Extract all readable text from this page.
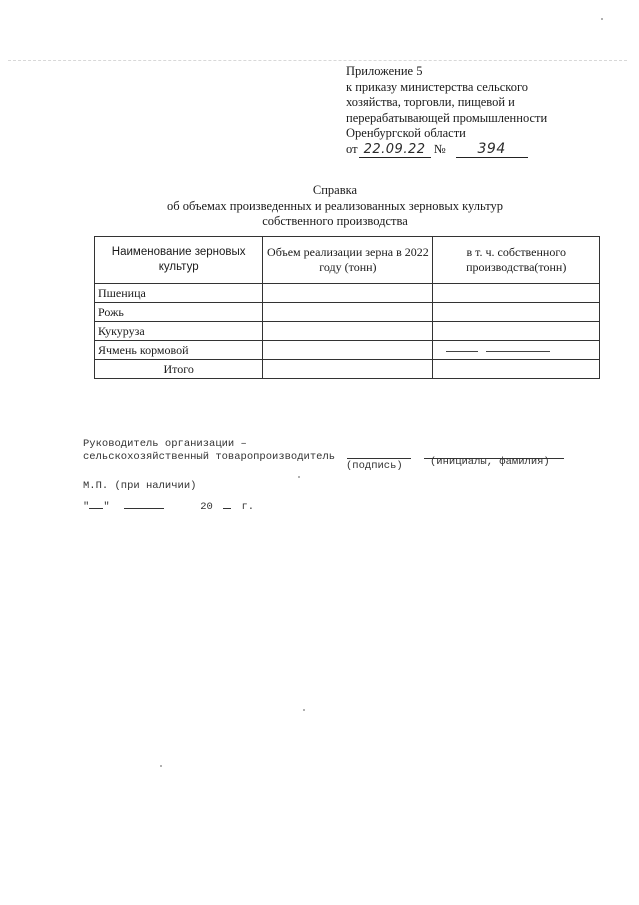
Приложение 5
к приказу министерства сельского
хозяйства, торговли, пищевой и
перерабатывающей промышленности
Оренбургской области
от 22.09.22 № 394
Справка
об объемах произведенных и реализованных зерновых культур
собственного производства
Наименование зерновых культур	Объем реализации зерна в 2022 году (тонн)	в т. ч. собственного производства(тонн)
Пшеница		
Рожь		
Кукуруза		
Ячмень кормовой		
Итого		
Руководитель организации –
сельскохозяйственный товаропроизводитель
(подпись)	(инициалы, фамилия)
М.П. (при наличии)
" "	20	г.
